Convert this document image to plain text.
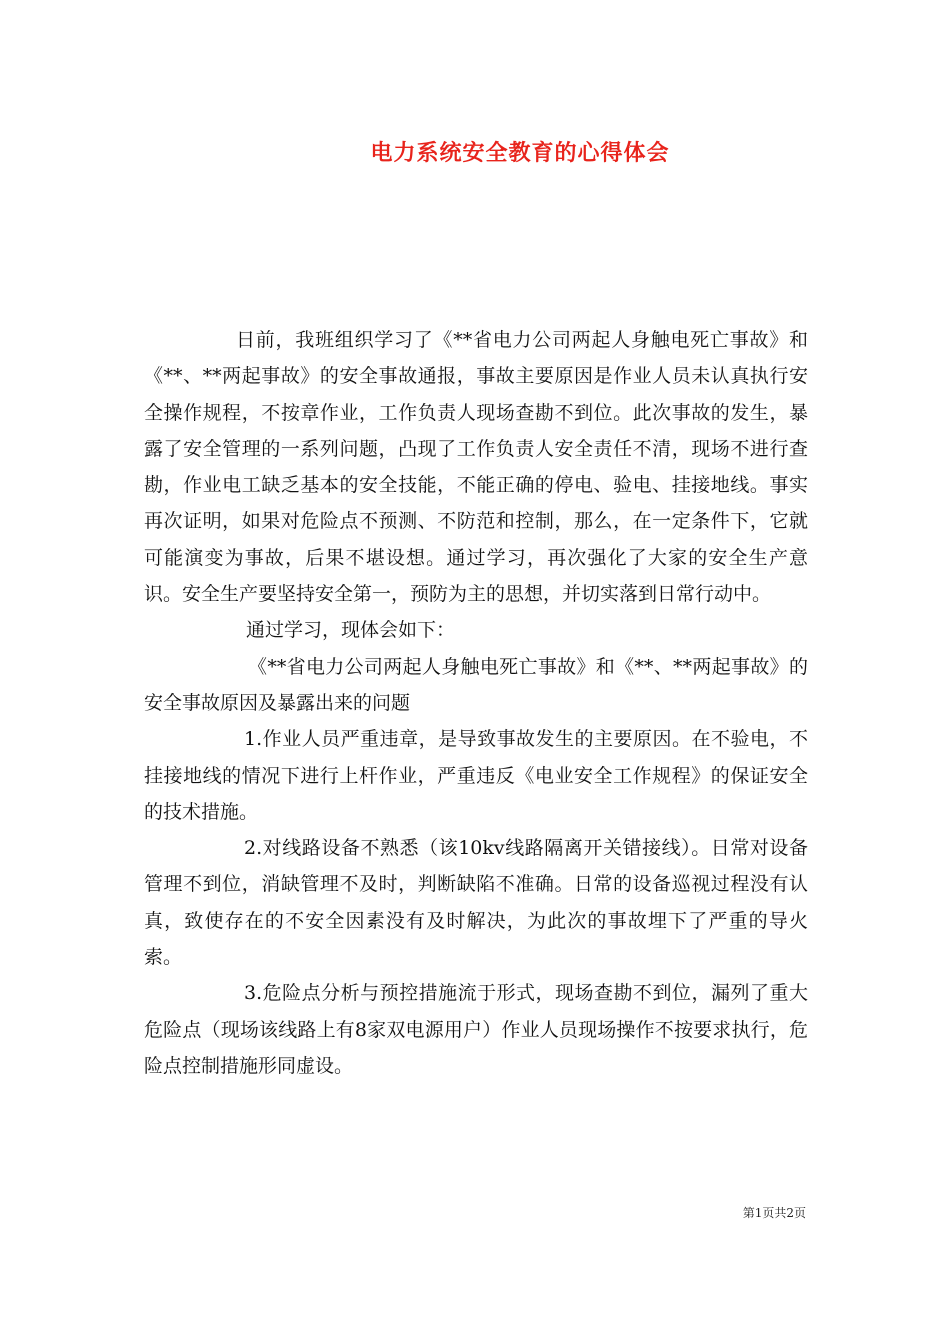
电力系统安全教育的心得体会

日前，我班组织学习了《**省电力公司两起人身触电死亡事故》和《**、**两起事故》的安全事故通报，事故主要原因是作业人员未认真执行安全操作规程，不按章作业，工作负责人现场查勘不到位。此次事故的发生，暴露了安全管理的一系列问题，凸现了工作负责人安全责任不清，现场不进行查勘，作业电工缺乏基本的安全技能，不能正确的停电、验电、挂接地线。事实再次证明，如果对危险点不预测、不防范和控制，那么，在一定条件下，它就可能演变为事故，后果不堪设想。通过学习，再次强化了大家的安全生产意识。安全生产要坚持安全第一，预防为主的思想，并切实落到日常行动中。

通过学习，现体会如下：

《**省电力公司两起人身触电死亡事故》和《**、**两起事故》的安全事故原因及暴露出来的问题

1.作业人员严重违章，是导致事故发生的主要原因。在不验电，不挂接地线的情况下进行上杆作业，严重违反《电业安全工作规程》的保证安全的技术措施。

2.对线路设备不熟悉（该10kv线路隔离开关错接线）。日常对设备管理不到位，消缺管理不及时，判断缺陷不准确。日常的设备巡视过程没有认真，致使存在的不安全因素没有及时解决，为此次的事故埋下了严重的导火索。

3.危险点分析与预控措施流于形式，现场查勘不到位，漏列了重大危险点（现场该线路上有8家双电源用户）作业人员现场操作不按要求执行，危险点控制措施形同虚设。

第1页共2页
